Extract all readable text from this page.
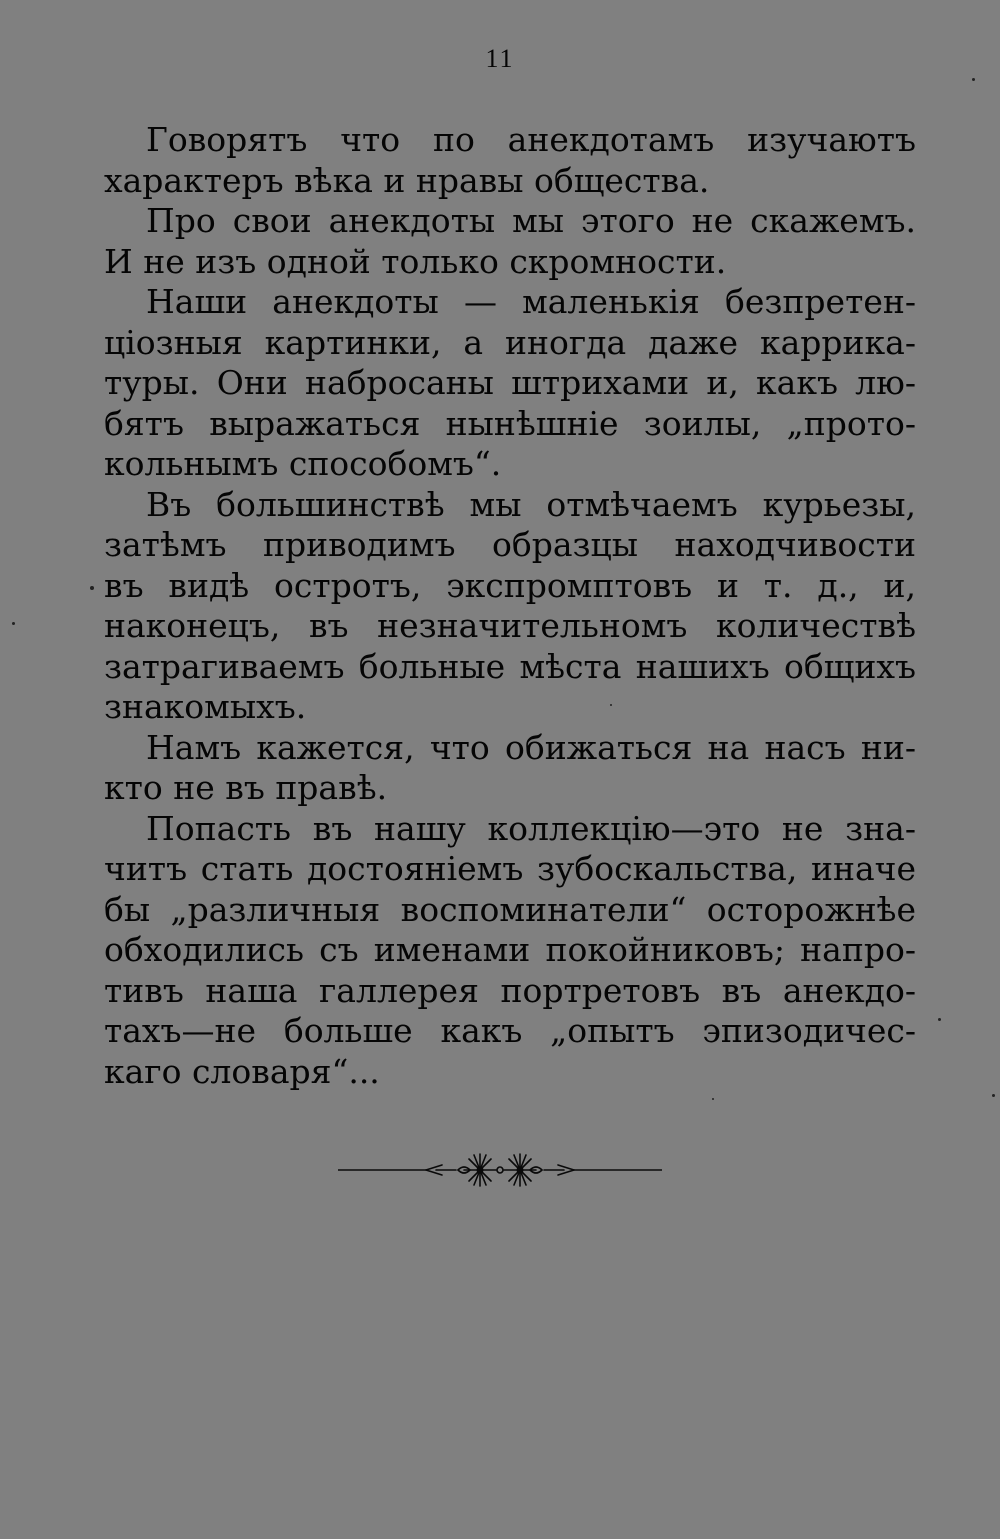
11
Говорятъ что по анекдотамъ изучаютъ
характеръ вѣка и нравы общества.
Про свои анекдоты мы этого не скажемъ.
И не изъ одной только скромности.
Наши анекдоты — маленькія безпретен-
ціозныя картинки, а иногда даже каррика-
туры. Они набросаны штрихами и, какъ лю-
бятъ выражаться нынѣшніе зоилы, „прото-
кольнымъ способомъ“.
Въ большинствѣ мы отмѣчаемъ курьезы,
затѣмъ приводимъ образцы находчивости
въ видѣ остротъ, экспромптовъ и т. д., и,
наконецъ, въ незначительномъ количествѣ
затрагиваемъ больные мѣста нашихъ общихъ
знакомыхъ.
Намъ кажется, что обижаться на насъ ни-
кто не въ правѣ.
Попасть въ нашу коллекцію—это не зна-
читъ стать достояніемъ зубоскальства, иначе
бы „различныя воспоминатели“ осторожнѣе
обходились съ именами покойниковъ; напро-
тивъ наша галлерея портретовъ въ анекдо-
тахъ—не больше какъ „опытъ эпизодичес-
каго словаря“...
